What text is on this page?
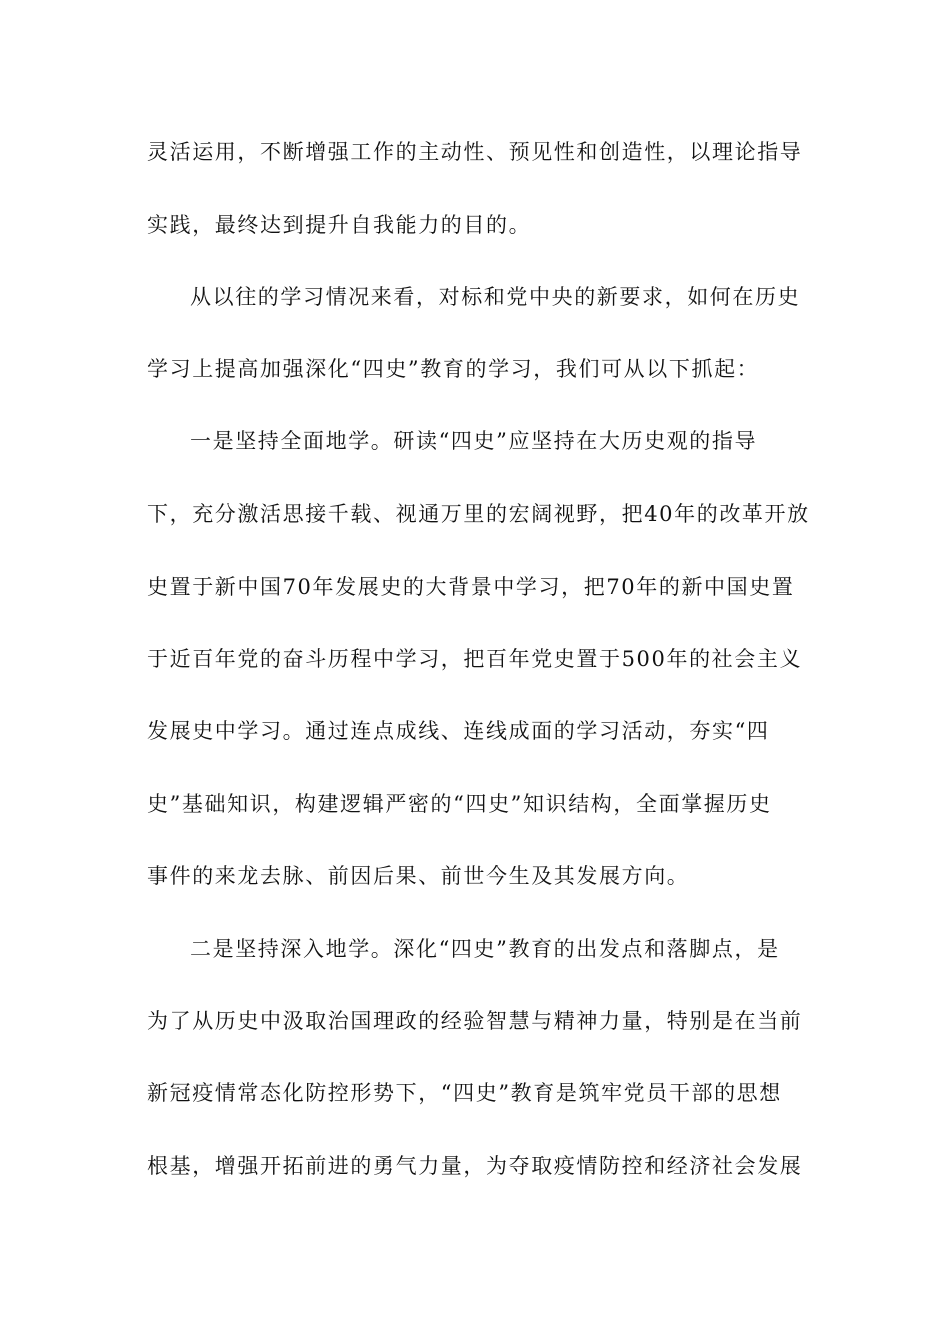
灵活运用，不断增强工作的主动性、预见性和创造性，以理论指导
实践，最终达到提升自我能力的目的。
从以往的学习情况来看，对标和党中央的新要求，如何在历史
学习上提高加强深化“四史”教育的学习，我们可从以下抓起：
一是坚持全面地学。研读“四史”应坚持在大历史观的指导
下，充分激活思接千载、视通万里的宏阔视野，把40年的改革开放
史置于新中国70年发展史的大背景中学习，把70年的新中国史置
于近百年党的奋斗历程中学习，把百年党史置于500年的社会主义
发展史中学习。通过连点成线、连线成面的学习活动，夯实“四
史”基础知识，构建逻辑严密的“四史”知识结构，全面掌握历史
事件的来龙去脉、前因后果、前世今生及其发展方向。
二是坚持深入地学。深化“四史”教育的出发点和落脚点，是
为了从历史中汲取治国理政的经验智慧与精神力量，特别是在当前
新冠疫情常态化防控形势下，“四史”教育是筑牢党员干部的思想
根基，增强开拓前进的勇气力量，为夺取疫情防控和经济社会发展
